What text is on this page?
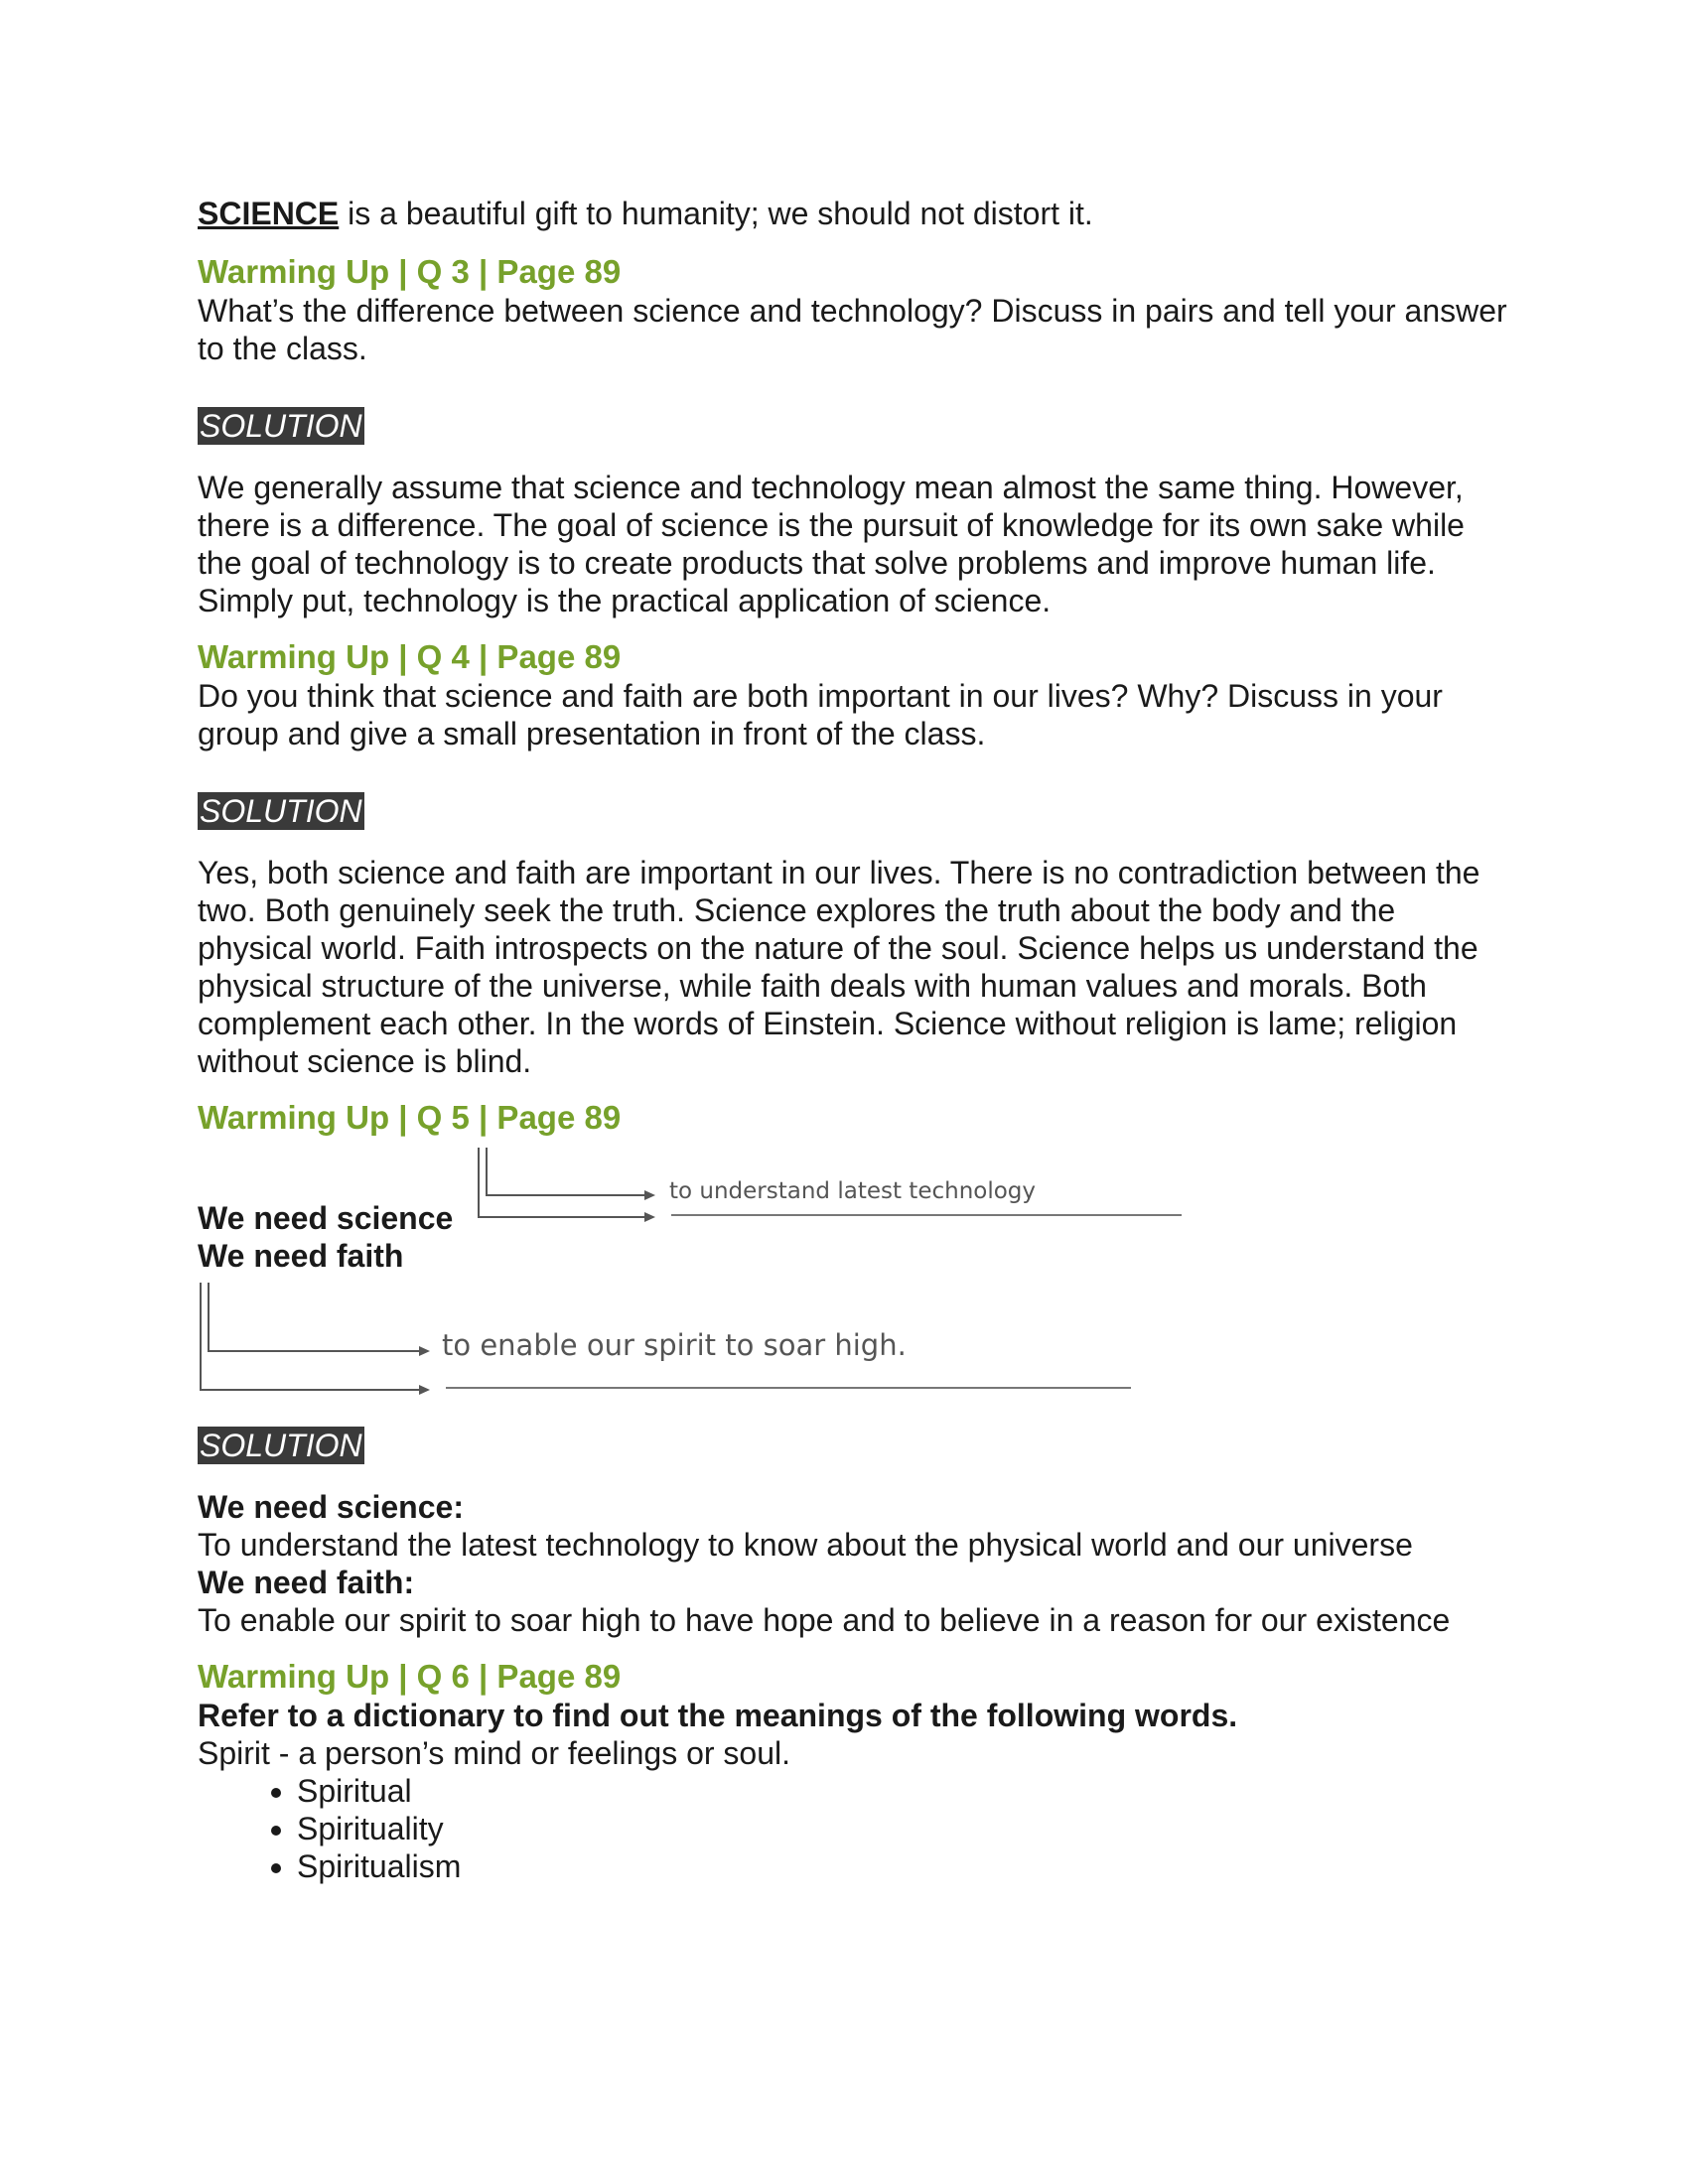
SCIENCE is a beautiful gift to humanity; we should not distort it.

Warming Up | Q 3 | Page 89

What’s the difference between science and technology? Discuss in pairs and tell your answer to the class.

SOLUTION

We generally assume that science and technology mean almost the same thing. However, there is a difference. The goal of science is the pursuit of knowledge for its own sake while the goal of technology is to create products that solve problems and improve human life. Simply put, technology is the practical application of science.

Warming Up | Q 4 | Page 89

Do you think that science and faith are both important in our lives? Why? Discuss in your group and give a small presentation in front of the class.

SOLUTION

Yes, both science and faith are important in our lives. There is no contradiction between the two. Both genuinely seek the truth. Science explores the truth about the body and the physical world. Faith introspects on the nature of the soul. Science helps us understand the physical structure of the universe, while faith deals with human values and morals. Both complement each other. In the words of Einstein. Science without religion is lame; religion without science is blind.

Warming Up | Q 5 | Page 89
to understand latest technology
We need science
We need faith
to enable our spirit to soar high.
SOLUTION

We need science:

To understand the latest technology to know about the physical world and our universe

We need faith:

To enable our spirit to soar high to have hope and to believe in a reason for our existence

Warming Up | Q 6 | Page 89

Refer to a dictionary to find out the meanings of the following words.

Spirit - a person’s mind or feelings or soul.

• Spiritual
• Spirituality
• Spiritualism
